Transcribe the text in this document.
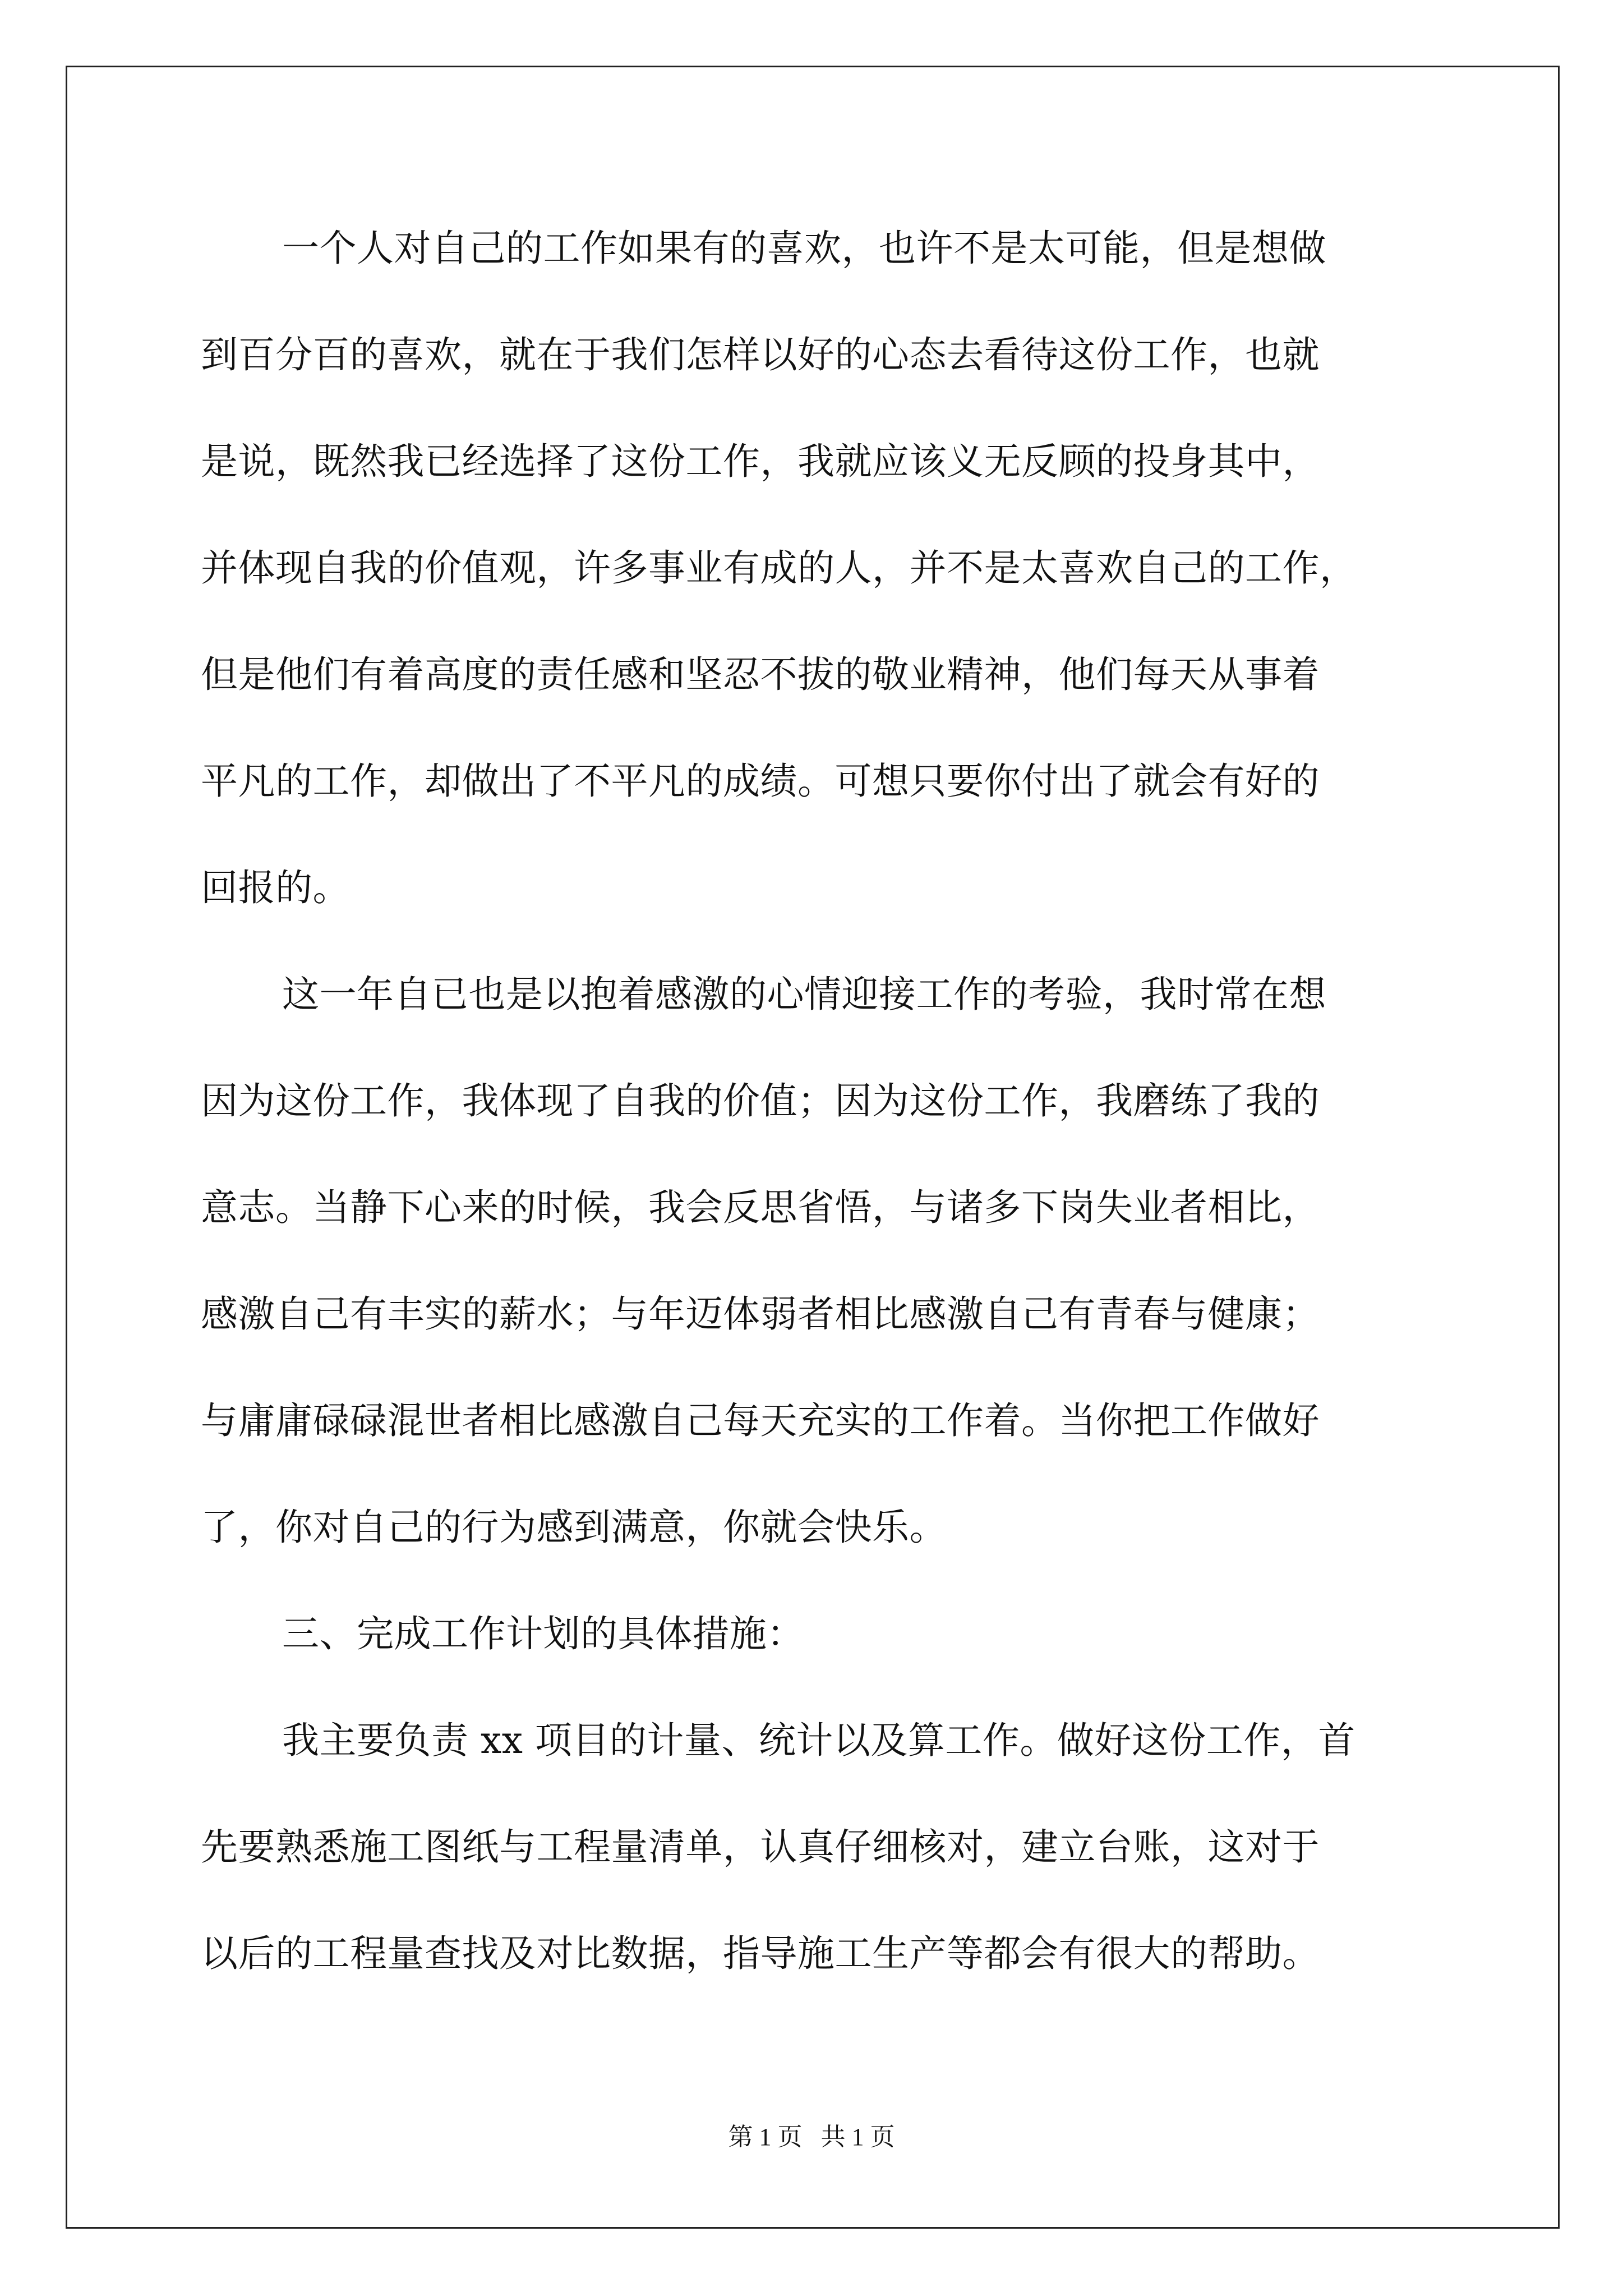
一个人对自己的工作如果有的喜欢，也许不是太可能，但是想做
到百分百的喜欢，就在于我们怎样以好的心态去看待这份工作，也就
是说，既然我已经选择了这份工作，我就应该义无反顾的投身其中，
并体现自我的价值观，许多事业有成的人，并不是太喜欢自己的工作，
但是他们有着高度的责任感和坚忍不拔的敬业精神，他们每天从事着
平凡的工作，却做出了不平凡的成绩。可想只要你付出了就会有好的
回报的。
这一年自已也是以抱着感激的心情迎接工作的考验，我时常在想
因为这份工作，我体现了自我的价值；因为这份工作，我磨练了我的
意志。当静下心来的时候，我会反思省悟，与诸多下岗失业者相比，
感激自己有丰实的薪水；与年迈体弱者相比感激自己有青春与健康；
与庸庸碌碌混世者相比感激自己每天充实的工作着。当你把工作做好
了，你对自己的行为感到满意，你就会快乐。
三、完成工作计划的具体措施：
我主要负责 xx 项目的计量、统计以及算工作。做好这份工作，首
先要熟悉施工图纸与工程量清单，认真仔细核对，建立台账，这对于
以后的工程量查找及对比数据，指导施工生产等都会有很大的帮助。
第 1 页   共 1 页
